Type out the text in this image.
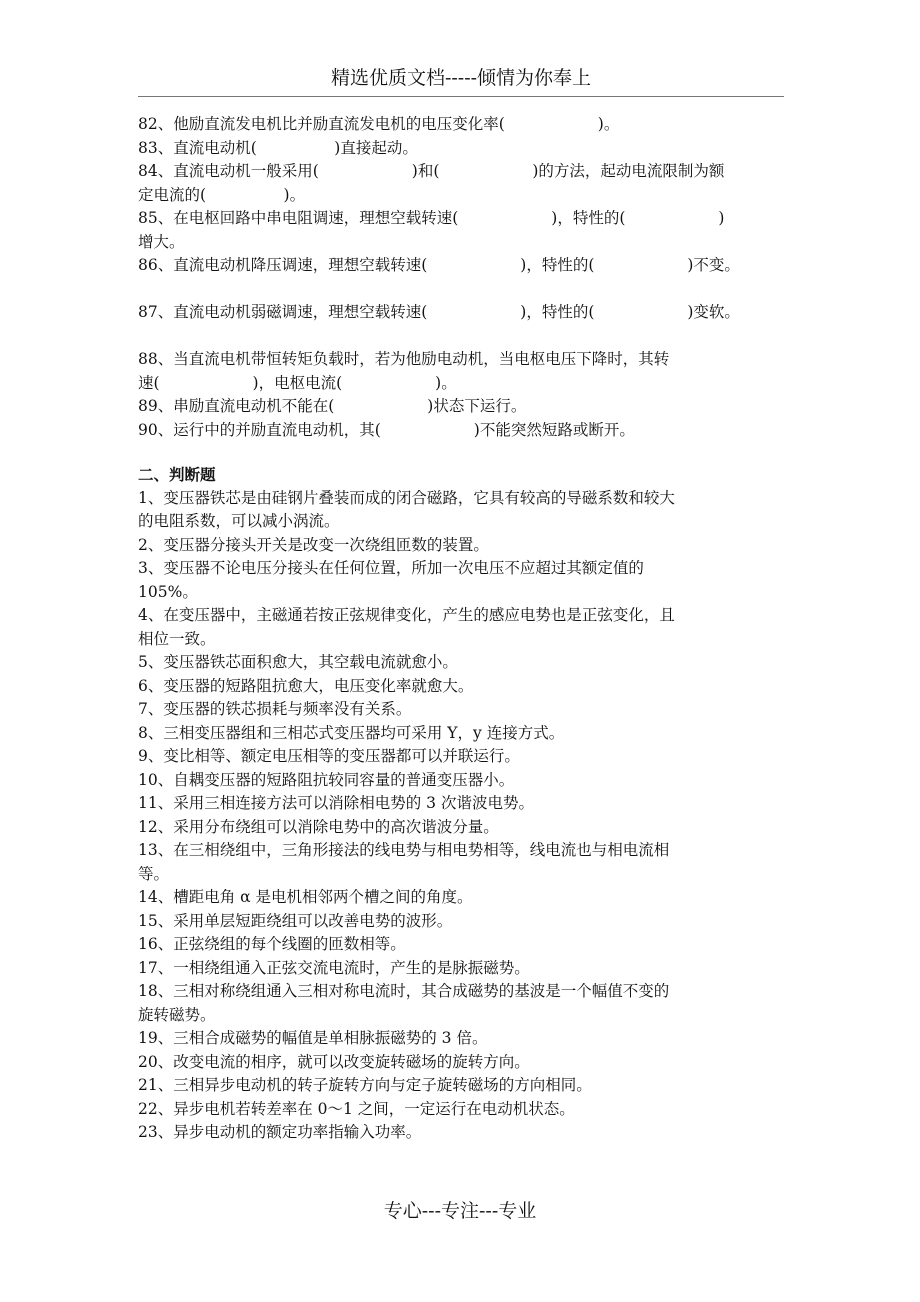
精选优质文档-----倾情为你奉上
82、他励直流发电机比并励直流发电机的电压变化率(　　　　　　)。
83、直流电动机(　　　　　)直接起动。
84、直流电动机一般采用(　　　　　　)和(　　　　　　)的方法，起动电流限制为额
定电流的(　　　　　)。
85、在电枢回路中串电阻调速，理想空载转速(　　　　　　)，特性的(　　　　　　)
增大。
86、直流电动机降压调速，理想空载转速(　　　　　　)，特性的(　　　　　　)不变。
87、直流电动机弱磁调速，理想空载转速(　　　　　　)，特性的(　　　　　　)变软。
88、当直流电机带恒转矩负载时，若为他励电动机，当电枢电压下降时，其转
速(　　　　　　)，电枢电流(　　　　　　)。
89、串励直流电动机不能在(　　　　　　)状态下运行。
90、运行中的并励直流电动机，其(　　　　　　)不能突然短路或断开。
二、判断题
1、变压器铁芯是由硅钢片叠装而成的闭合磁路，它具有较高的导磁系数和较大
的电阻系数，可以减小涡流。
2、变压器分接头开关是改变一次绕组匝数的装置。
3、变压器不论电压分接头在任何位置，所加一次电压不应超过其额定值的
105%。
4、在变压器中，主磁通若按正弦规律变化，产生的感应电势也是正弦变化，且
相位一致。
5、变压器铁芯面积愈大，其空载电流就愈小。
6、变压器的短路阻抗愈大，电压变化率就愈大。
7、变压器的铁芯损耗与频率没有关系。
8、三相变压器组和三相芯式变压器均可采用 Y，y 连接方式。
9、变比相等、额定电压相等的变压器都可以并联运行。
10、自耦变压器的短路阻抗较同容量的普通变压器小。
11、采用三相连接方法可以消除相电势的 3 次谐波电势。
12、采用分布绕组可以消除电势中的高次谐波分量。
13、在三相绕组中，三角形接法的线电势与相电势相等，线电流也与相电流相
等。
14、槽距电角 α 是电机相邻两个槽之间的角度。
15、采用单层短距绕组可以改善电势的波形。
16、正弦绕组的每个线圈的匝数相等。
17、一相绕组通入正弦交流电流时，产生的是脉振磁势。
18、三相对称绕组通入三相对称电流时，其合成磁势的基波是一个幅值不变的
旋转磁势。
19、三相合成磁势的幅值是单相脉振磁势的 3 倍。
20、改变电流的相序，就可以改变旋转磁场的旋转方向。
21、三相异步电动机的转子旋转方向与定子旋转磁场的方向相同。
22、异步电机若转差率在 0～1 之间，一定运行在电动机状态。
23、异步电动机的额定功率指输入功率。
专心---专注---专业
